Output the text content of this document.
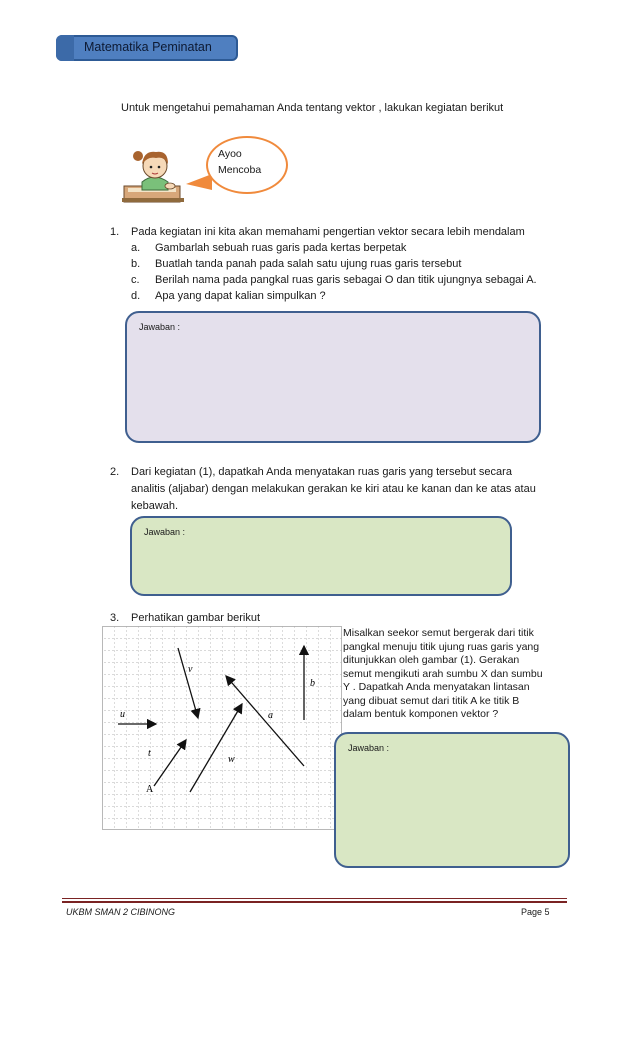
Matematika Peminatan
Untuk mengetahui pemahaman Anda tentang vektor , lakukan kegiatan berikut
Ayoo
Mencoba
1. Pada kegiatan ini kita akan memahami pengertian vektor secara lebih mendalam
a. Gambarlah sebuah ruas garis pada kertas berpetak
b. Buatlah tanda panah pada salah satu ujung ruas garis tersebut
c. Berilah nama pada pangkal ruas garis sebagai O dan titik ujungnya sebagai A.
d. Apa yang dapat kalian simpulkan ?
Jawaban :
2. Dari kegiatan (1), dapatkah Anda menyatakan ruas garis yang tersebut secara
analitis (aljabar) dengan melakukan gerakan ke kiri atau ke kanan dan ke atas atau
kebawah.
Jawaban :
3. Perhatikan gambar berikut
u
v
b
a
t
w
A
Misalkan seekor semut bergerak dari titik
pangkal menuju titik ujung ruas garis yang
ditunjukkan oleh gambar (1). Gerakan
semut mengikuti arah sumbu X dan sumbu
Y . Dapatkah Anda menyatakan lintasan
yang dibuat semut dari titik A ke titik B
dalam bentuk komponen vektor ?
Jawaban :
UKBM SMAN 2 CIBINONG	Page 5
